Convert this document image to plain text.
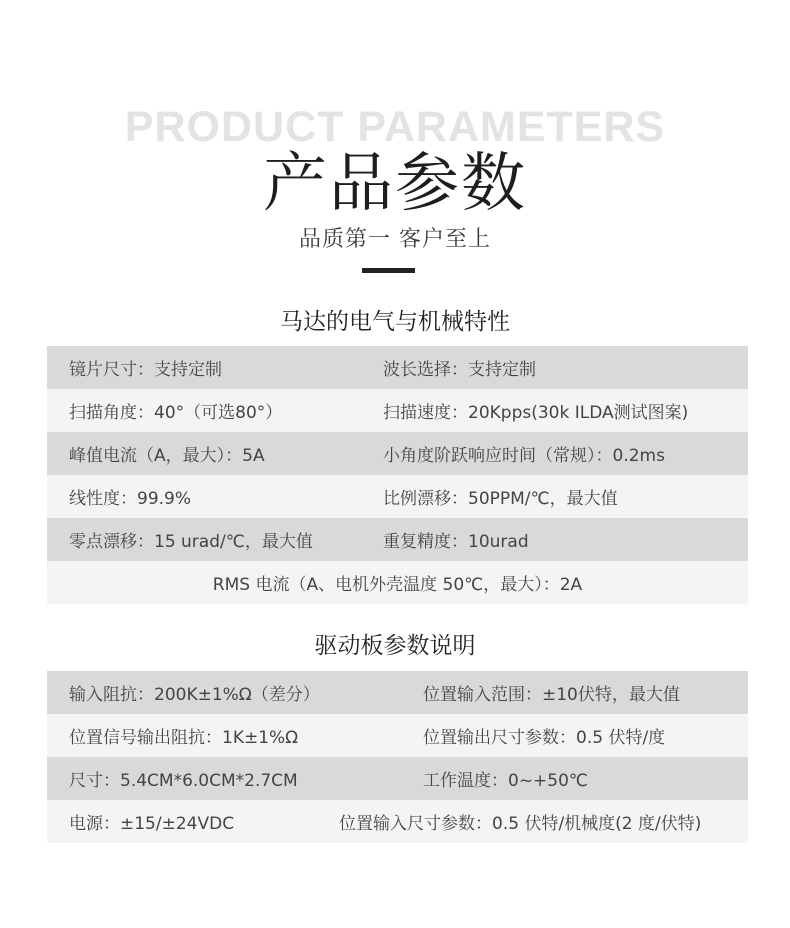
PRODUCT PARAMETERS
产品参数
品质第一 客户至上
马达的电气与机械特性
镜片尺寸：支持定制	波长选择：支持定制
扫描角度：40°（可选80°）	扫描速度：20Kpps(30k ILDA测试图案)
峰值电流（A，最大）：5A	小角度阶跃响应时间（常规）：0.2ms
线性度：99.9%	比例漂移：50PPM/℃，最大值
零点漂移：15 urad/℃，最大值	重复精度：10urad
RMS 电流（A、电机外壳温度 50℃，最大）：2A
驱动板参数说明
输入阻抗：200K±1%Ω（差分）	位置输入范围：±10伏特，最大值
位置信号输出阻抗：1K±1%Ω	位置输出尺寸参数：0.5 伏特/度
尺寸：5.4CM*6.0CM*2.7CM	工作温度：0~+50℃
电源：±15/±24VDC	位置输入尺寸参数：0.5 伏特/机械度(2 度/伏特)
